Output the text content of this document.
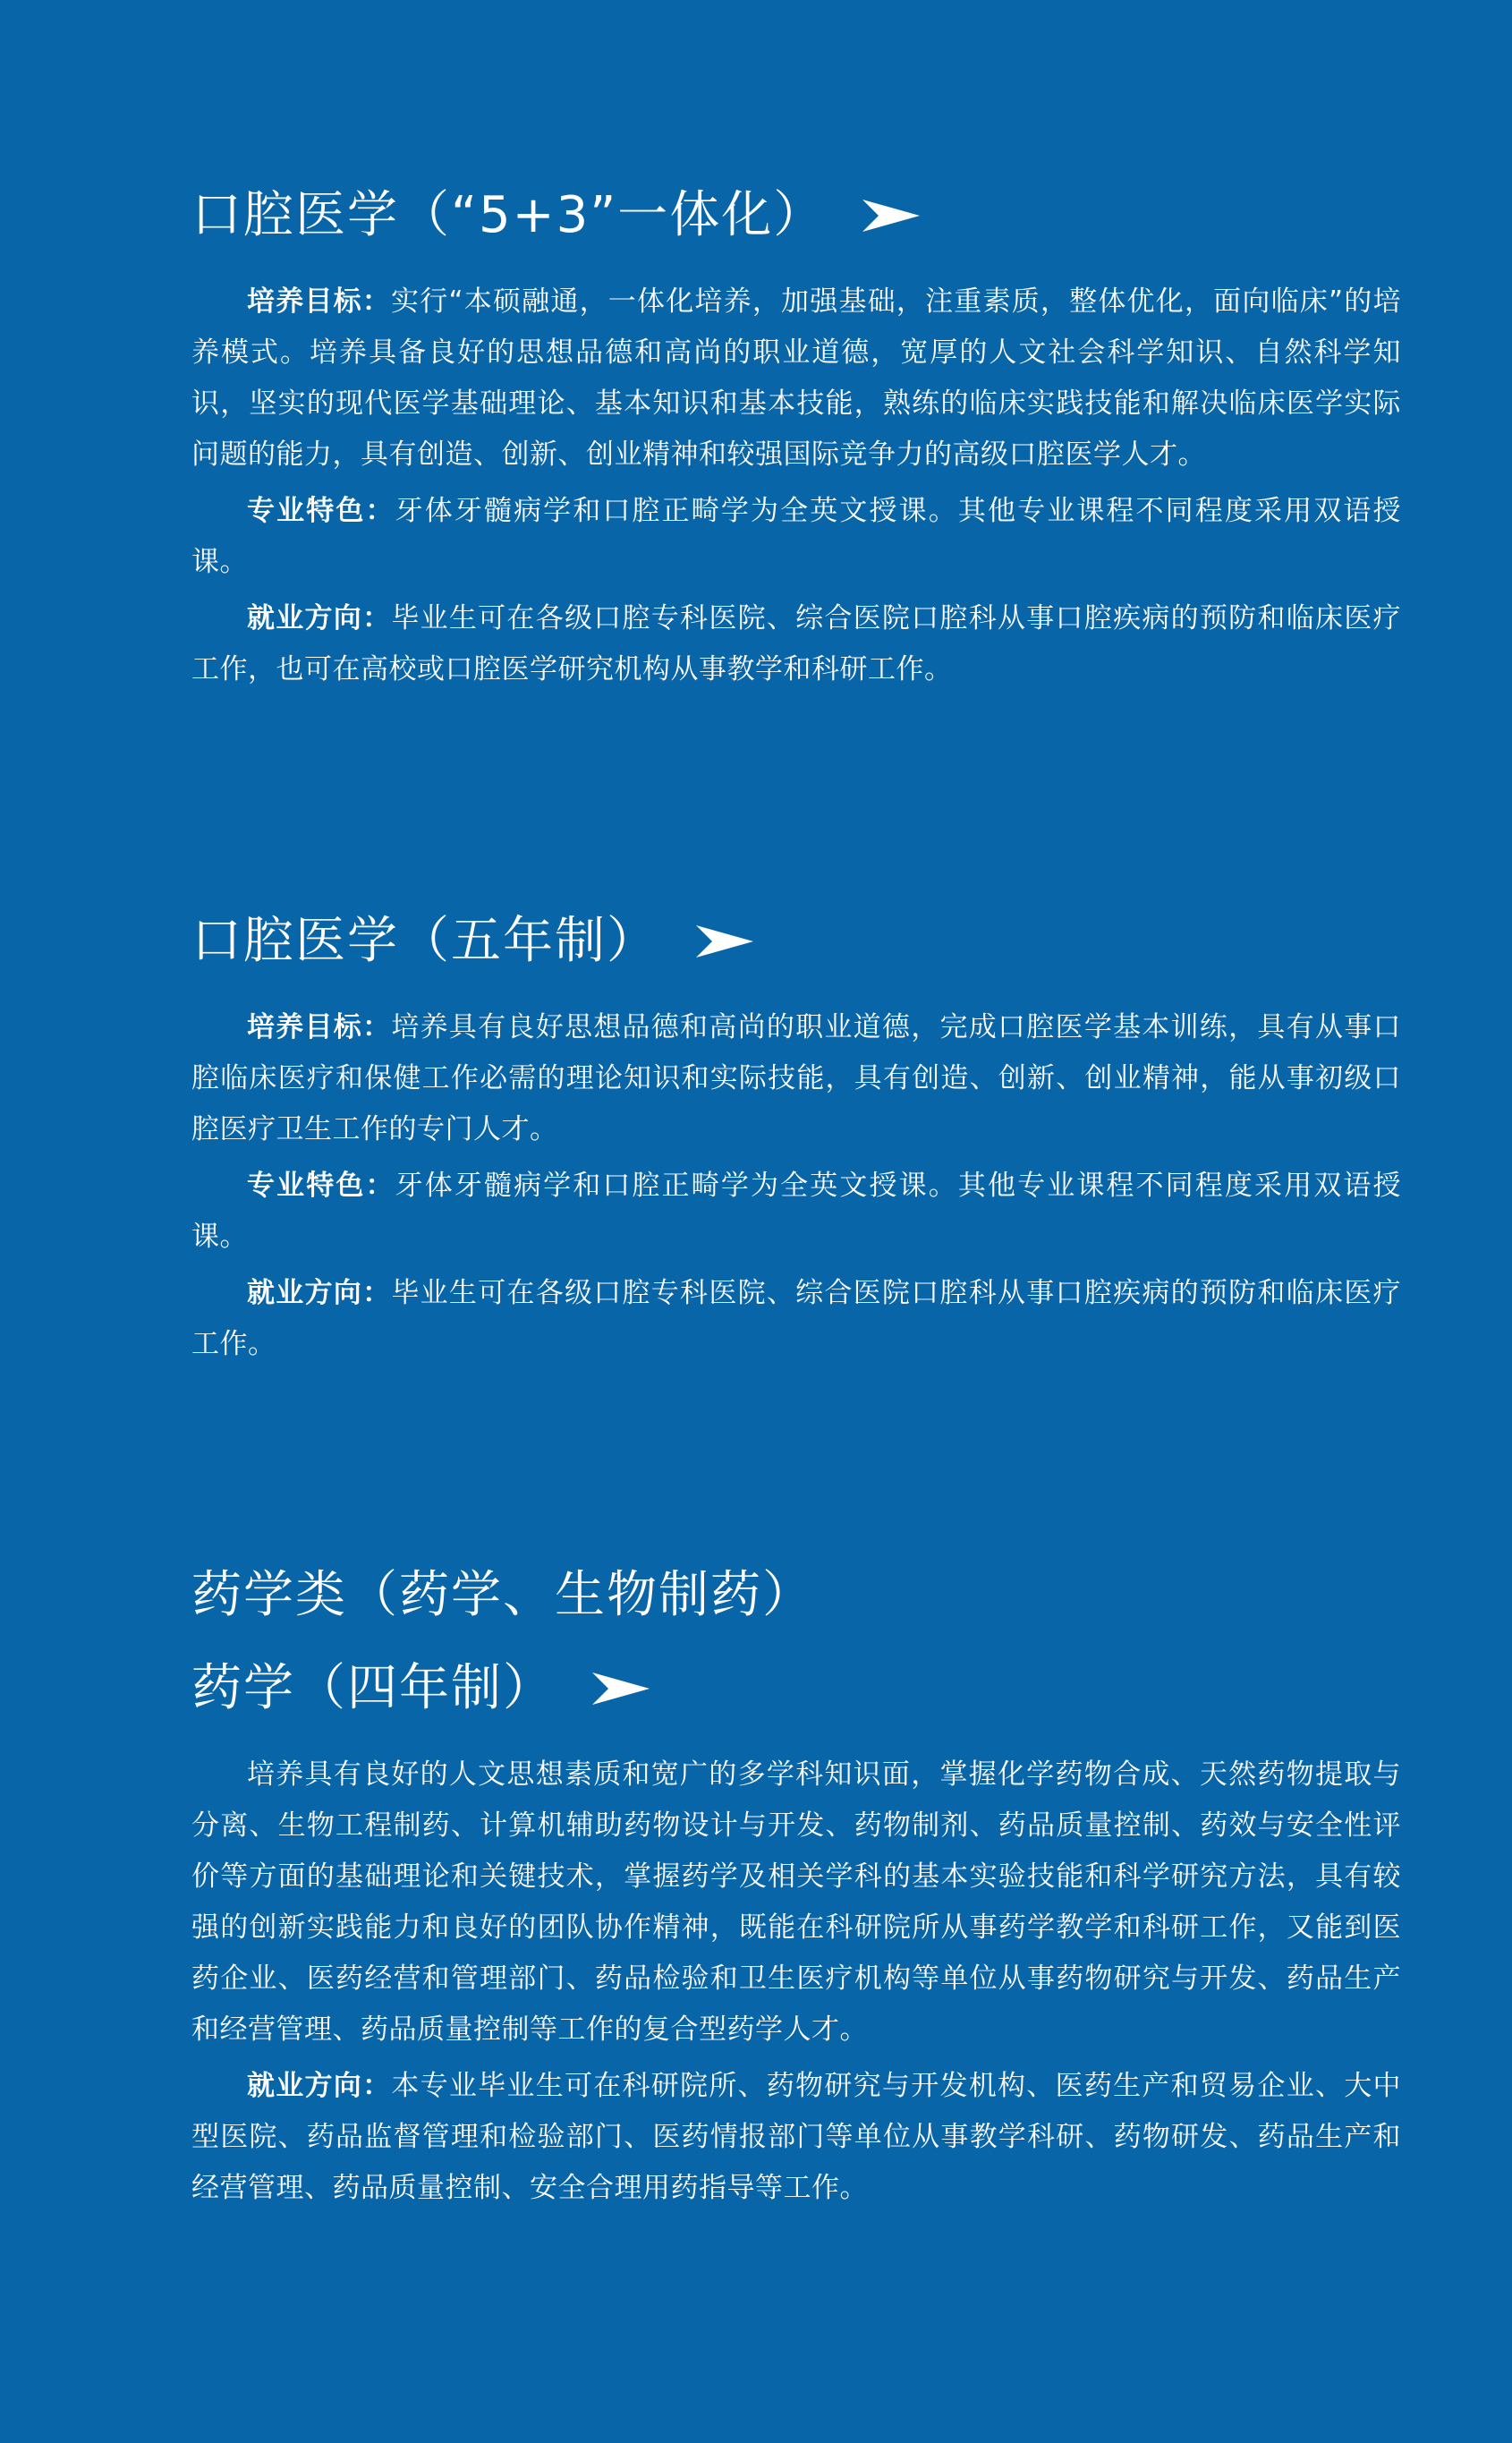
口腔医学（“5+3”一体化）

培养目标：实行“本硕融通，一体化培养，加强基础，注重素质，整体优化，面向临床”的培养模式。培养具备良好的思想品德和高尚的职业道德，宽厚的人文社会科学知识、自然科学知识，坚实的现代医学基础理论、基本知识和基本技能，熟练的临床实践技能和解决临床医学实际问题的能力，具有创造、创新、创业精神和较强国际竞争力的高级口腔医学人才。

专业特色：牙体牙髓病学和口腔正畸学为全英文授课。其他专业课程不同程度采用双语授课。

就业方向：毕业生可在各级口腔专科医院、综合医院口腔科从事口腔疾病的预防和临床医疗工作，也可在高校或口腔医学研究机构从事教学和科研工作。

口腔医学（五年制）

培养目标：培养具有良好思想品德和高尚的职业道德，完成口腔医学基本训练，具有从事口腔临床医疗和保健工作必需的理论知识和实际技能，具有创造、创新、创业精神，能从事初级口腔医疗卫生工作的专门人才。

专业特色：牙体牙髓病学和口腔正畸学为全英文授课。其他专业课程不同程度采用双语授课。

就业方向：毕业生可在各级口腔专科医院、综合医院口腔科从事口腔疾病的预防和临床医疗工作。

药学类（药学、生物制药）
药学（四年制）

培养具有良好的人文思想素质和宽广的多学科知识面，掌握化学药物合成、天然药物提取与分离、生物工程制药、计算机辅助药物设计与开发、药物制剂、药品质量控制、药效与安全性评价等方面的基础理论和关键技术，掌握药学及相关学科的基本实验技能和科学研究方法，具有较强的创新实践能力和良好的团队协作精神，既能在科研院所从事药学教学和科研工作，又能到医药企业、医药经营和管理部门、药品检验和卫生医疗机构等单位从事药物研究与开发、药品生产和经营管理、药品质量控制等工作的复合型药学人才。

就业方向：本专业毕业生可在科研院所、药物研究与开发机构、医药生产和贸易企业、大中型医院、药品监督管理和检验部门、医药情报部门等单位从事教学科研、药物研发、药品生产和经营管理、药品质量控制、安全合理用药指导等工作。
